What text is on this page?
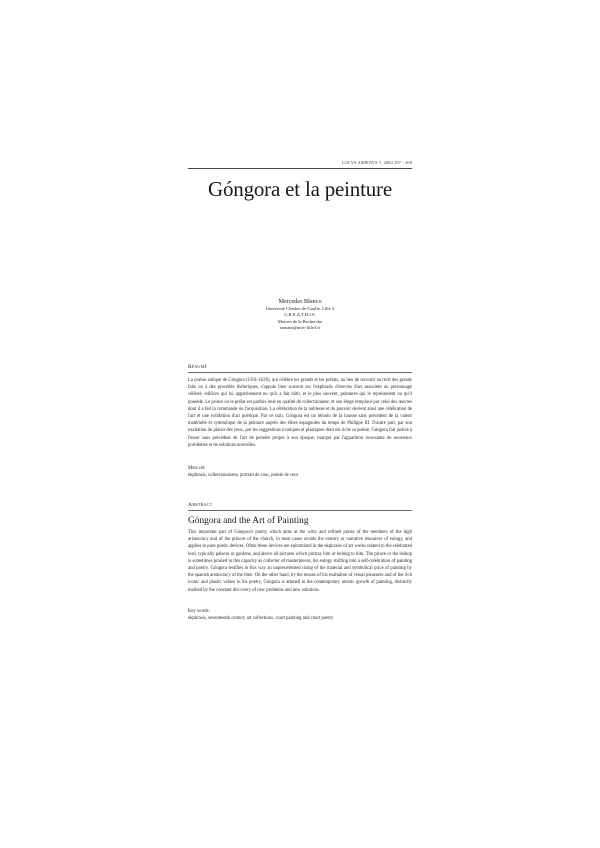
LOCVS AMŒNVS 7, 2004 197 - 208
Góngora et la peinture
Mercedes Blanco
Université Charles-de-Gaulle, Lille 3
C.R.E.A.T.H.I.S.
Maison de la Recherche
samain@univ-lille3.fr
Résumé

La poésie aulique de Góngora (1561-1626), qui célèbre les grands et les prélats, au lieu de recourir au récit des grands faits ou à des procédés rhétoriques, s'appuie bien souvent sur l'ekphrasis d'œuvres d'art associées au personnage célébré, édifices qui lui appartiennent ou qu'il a fait bâtir, et le plus souvent, peintures qui le représentent ou qu'il possède. Le prince ou le prélat est parfois loué en qualité de collectionneur, et son éloge remplacé par celui des œuvres dont il a fait la commande ou l'acquisition. La célébration de la noblesse et du pouvoir devient ainsi une célébration de l'art et une exhibition d'art poétique. Par ce trait, Góngora est un témoin de la hausse sans précédent de la valeur matérielle et symbolique de la peinture auprès des élites espagnoles du temps de Philippe III. D'autre part, par son exaltation du plaisir des yeux, par les suggestions iconiques et plastiques dont est riche sa poésie, Góngora fait justice à l'essor sans précédent de l'art de peindre propre à son époque, marqué par l'apparition incessante de nouveaux problèmes et de solutions nouvelles.

Mots clé:
ekphrasis, collectionnisme, portrait de cour, poésie de cour
Abstract
Góngora and the Art of Painting

This important part of Góngora's poetry which aims at the witty and refined praise of the members of the high aristocracy and of the princes of the church, in most cases avoids the oratory or narrative resources of eulogy, and applies to pure poetic devices. Often these devices are epitomized in the ekphrasis of art works related to the celebrated lord, typically palaces or gardens, and above all pictures which portray him or belong to him. The prince or the bishop is sometimes praised in this capacity as collector of masterpieces, his eulogy shifting into a self-celebration of painting and poetry. Góngora testifies in this way an unprecedented rising of the material and symbolical price of painting by the spanish aristocracy of the time. On the other hand, by the means of his exaltation of visual pleasures and of the rich iconic and plastic values in his poetry, Góngora is attuned to the contemporary artistic growth of painting, distinctly marked by the constant discovery of new problems and new solutions.

Key words:
ekphrasis, seventeenth century art collections, court painting and court poetry
